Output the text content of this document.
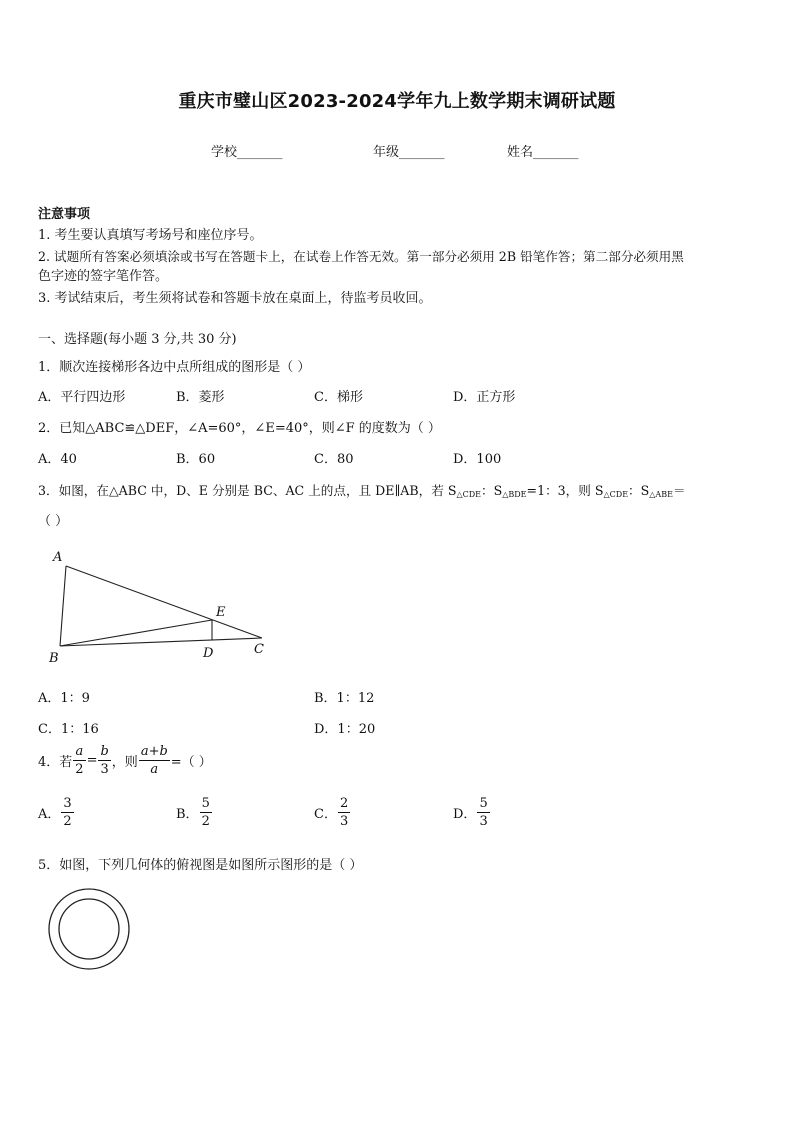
重庆市璧山区2023-2024学年九上数学期末调研试题
学校_______	年级_______	姓名_______
注意事项
1. 考生要认真填写考场号和座位序号。
2. 试题所有答案必须填涂或书写在答题卡上，在试卷上作答无效。第一部分必须用 2B 铅笔作答；第二部分必须用黑
色字迹的签字笔作答。
3. 考试结束后，考生须将试卷和答题卡放在桌面上，待监考员收回。
一、选择题(每小题 3 分,共 30 分)
1．顺次连接梯形各边中点所组成的图形是（ ）
A．平行四边形	B．菱形	C．梯形	D．正方形
2．已知△ABC≌△DEF，∠A=60°，∠E=40°，则∠F 的度数为（ ）
A．40	B．60	C．80	D．100
3．如图，在△ABC 中，D、E 分别是 BC、AC 上的点，且 DE∥AB，若 $S_{\triangle CDE}$：$S_{\triangle BDE}=1$：3，则 $S_{\triangle CDE}$：$S_{\triangle ABE}=$
（ ）
A
B
C
D
E
A．1：9	B．1：12
C．1：16	D．1：20
4．若 $\frac{a}{2} = \frac{b}{3}$ ，则 $\frac{a+b}{a}$ =（ ）
A． $\frac{3}{2}$	B． $\frac{5}{2}$	C． $\frac{2}{3}$	D． $\frac{5}{3}$
5．如图，下列几何体的俯视图是如图所示图形的是（ ）
